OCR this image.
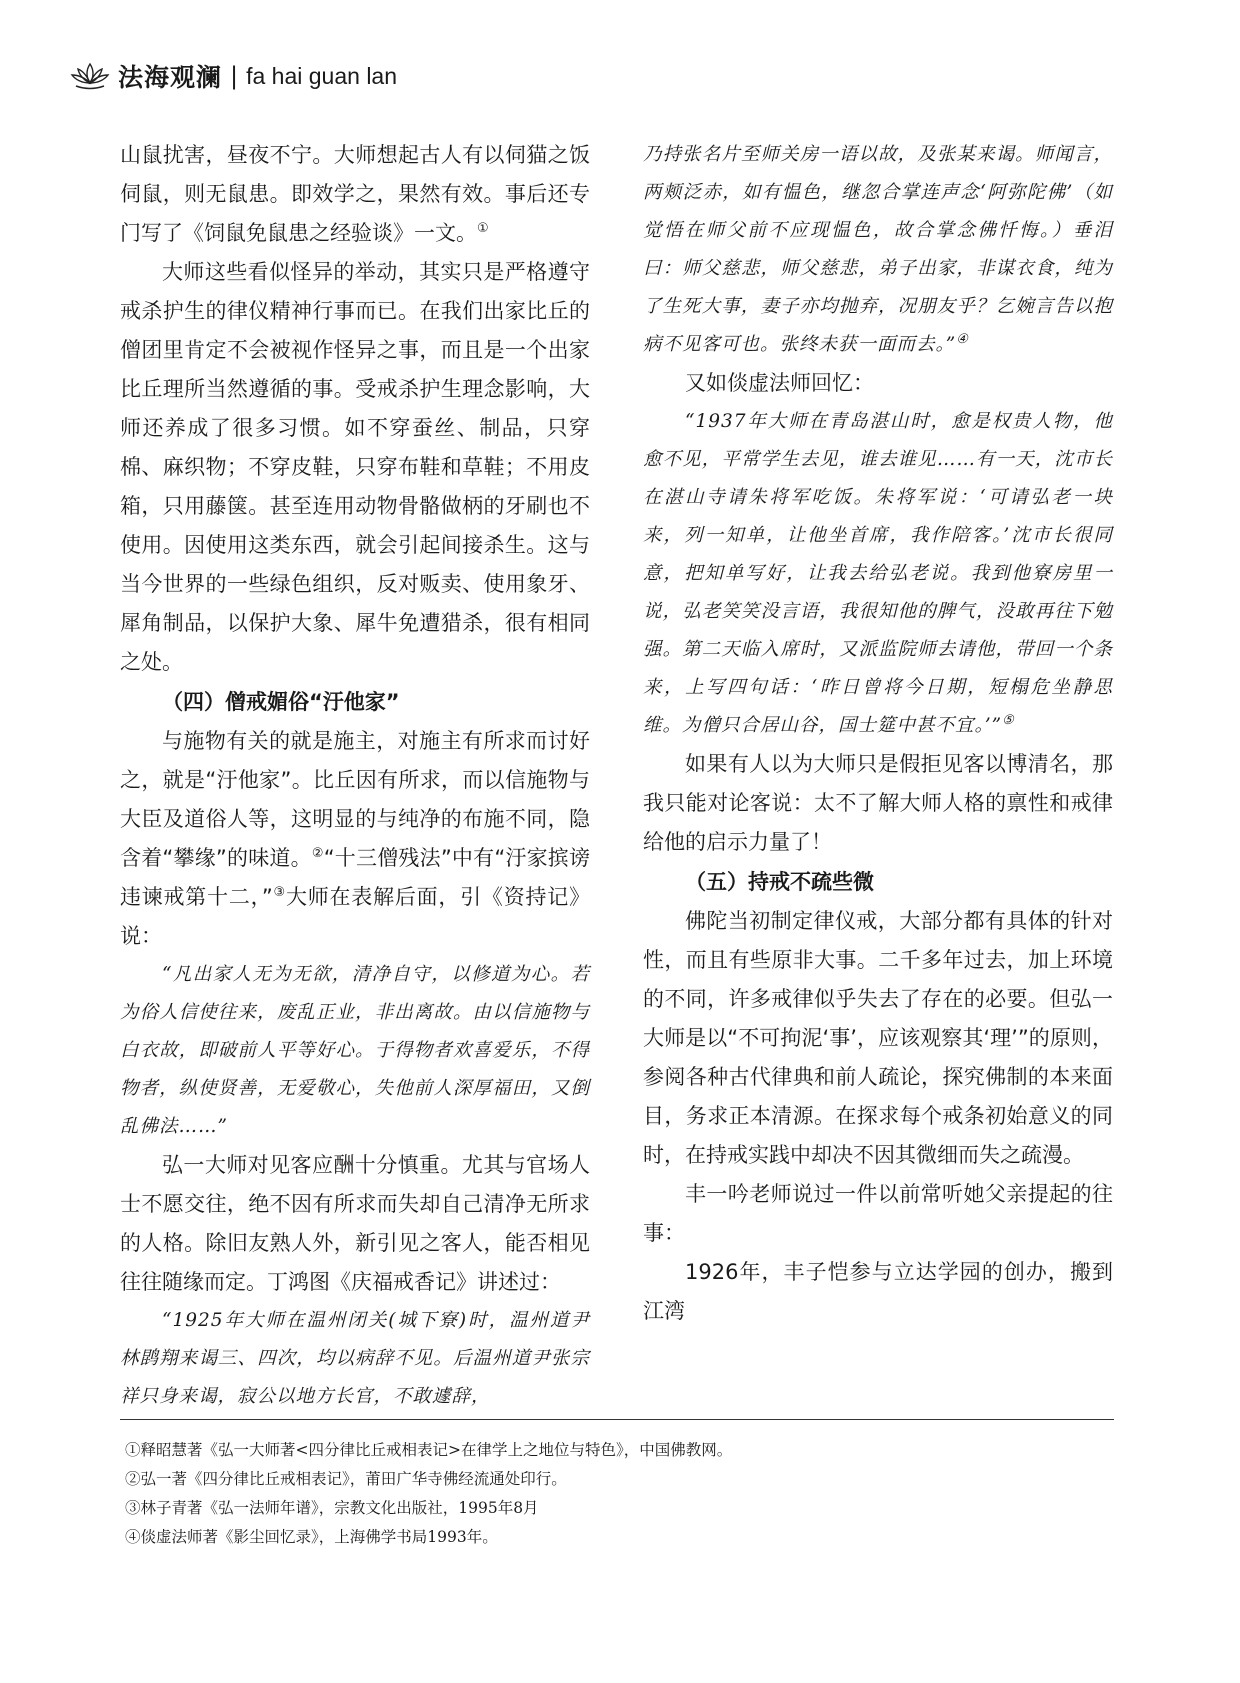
法海观澜 | fa hai guan lan

山鼠扰害，昼夜不宁。大师想起古人有以伺猫之饭伺鼠，则无鼠患。即效学之，果然有效。事后还专门写了《饲鼠免鼠患之经验谈》一文。①

大师这些看似怪异的举动，其实只是严格遵守戒杀护生的律仪精神行事而已。在我们出家比丘的僧团里肯定不会被视作怪异之事，而且是一个出家比丘理所当然遵循的事。受戒杀护生理念影响，大师还养成了很多习惯。如不穿蚕丝、制品，只穿棉、麻织物；不穿皮鞋，只穿布鞋和草鞋；不用皮箱，只用藤箧。甚至连用动物骨骼做柄的牙刷也不使用。因使用这类东西，就会引起间接杀生。这与当今世界的一些绿色组织，反对贩卖、使用象牙、犀角制品，以保护大象、犀牛免遭猎杀，很有相同之处。

（四）僧戒媚俗“汙他家”

与施物有关的就是施主，对施主有所求而讨好之，就是“汙他家”。比丘因有所求，而以信施物与大臣及道俗人等，这明显的与纯净的布施不同，隐含着“攀缘”的味道。②“十三僧残法”中有“汙家摈谤违谏戒第十二，”③大师在表解后面，引《资持记》说：

“凡出家人无为无欲，清净自守，以修道为心。若为俗人信使往来，废乱正业，非出离故。由以信施物与白衣故，即破前人平等好心。于得物者欢喜爱乐，不得物者，纵使贤善，无爱敬心，失他前人深厚福田，又倒乱佛法……”

弘一大师对见客应酬十分慎重。尤其与官场人士不愿交往，绝不因有所求而失却自己清净无所求的人格。除旧友熟人外，新引见之客人，能否相见往往随缘而定。丁鸿图《庆福戒香记》讲述过：

“1925年大师在温州闭关(城下寮)时，温州道尹林鹍翔来谒三、四次，均以病辞不见。后温州道尹张宗祥只身来谒，寂公以地方长官，不敢遽辞，

乃持张名片至师关房一语以故，及张某来谒。师闻言，两颊泛赤，如有愠色，继忽合掌连声念‘阿弥陀佛’（如觉悟在师父前不应现愠色，故合掌念佛忏悔。）垂泪曰：师父慈悲，师父慈悲，弟子出家，非谋衣食，纯为了生死大事，妻子亦均抛弃，况朋友乎？乞婉言告以抱病不见客可也。张终未获一面而去。”④

又如倓虚法师回忆：

“1937年大师在青岛湛山时，愈是权贵人物，他愈不见，平常学生去见，谁去谁见……有一天，沈市长在湛山寺请朱将军吃饭。朱将军说：‘可请弘老一块来，列一知单，让他坐首席，我作陪客。’沈市长很同意，把知单写好，让我去给弘老说。我到他寮房里一说，弘老笑笑没言语，我很知他的脾气，没敢再往下勉强。第二天临入席时，又派监院师去请他，带回一个条来，上写四句话：‘昨日曾将今日期，短榻危坐静思维。为僧只合居山谷，国士筵中甚不宜。’”⑤

如果有人以为大师只是假拒见客以博清名，那我只能对论客说：太不了解大师人格的禀性和戒律给他的启示力量了！

（五）持戒不疏些微

佛陀当初制定律仪戒，大部分都有具体的针对性，而且有些原非大事。二千多年过去，加上环境的不同，许多戒律似乎失去了存在的必要。但弘一大师是以“不可拘泥‘事’，应该观察其‘理’”的原则，参阅各种古代律典和前人疏论，探究佛制的本来面目，务求正本清源。在探求每个戒条初始意义的同时，在持戒实践中却决不因其微细而失之疏漫。

丰一吟老师说过一件以前常听她父亲提起的往事：

1926年，丰子恺参与立达学园的创办，搬到江湾

①释昭慧著《弘一大师著<四分律比丘戒相表记>在律学上之地位与特色》，中国佛教网。
②弘一著《四分律比丘戒相表记》，莆田广华寺佛经流通处印行。
③林子青著《弘一法师年谱》，宗教文化出版社，1995年8月
④倓虚法师著《影尘回忆录》，上海佛学书局1993年。
